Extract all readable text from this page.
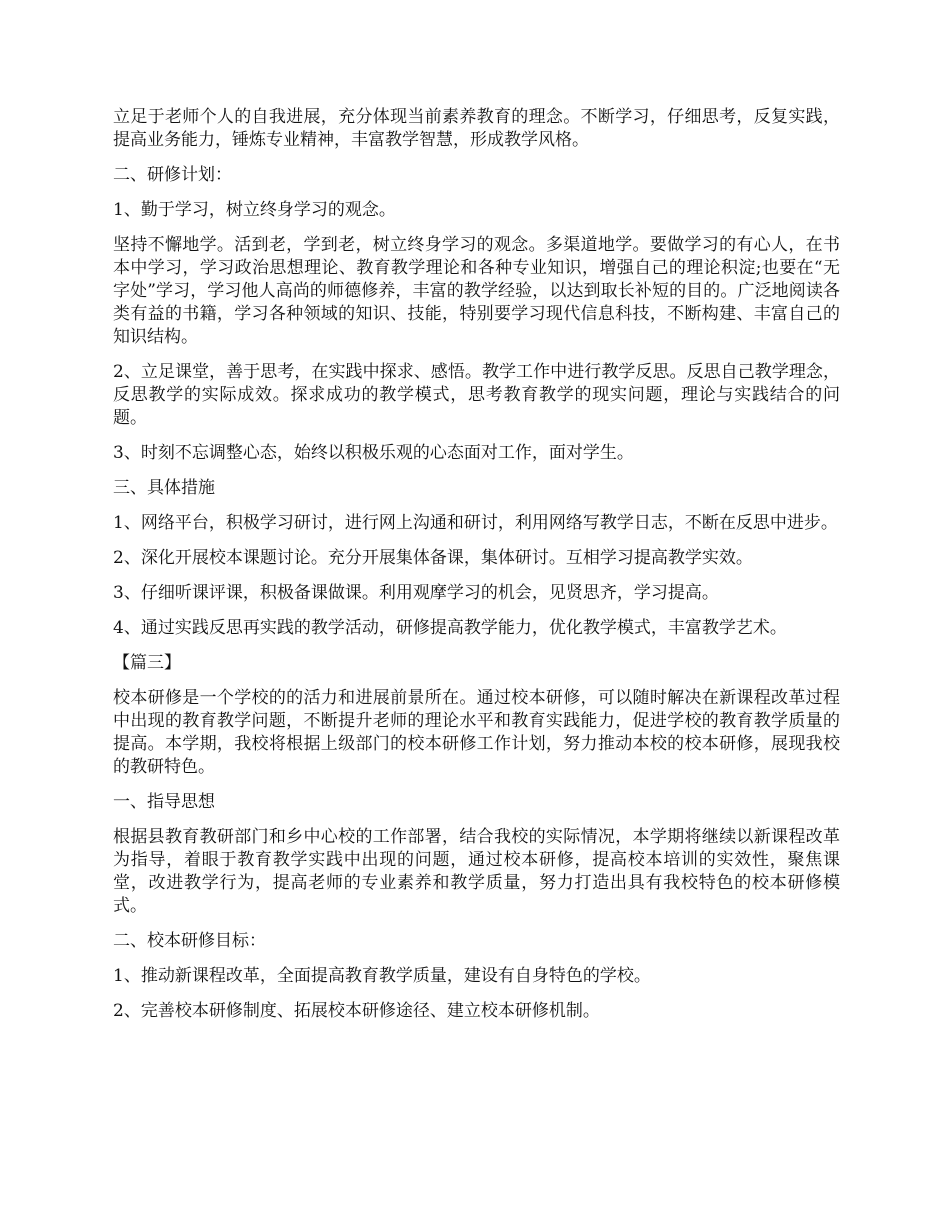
立足于老师个人的自我进展，充分体现当前素养教育的理念。不断学习，仔细思考，反复实践，提高业务能力，锤炼专业精神，丰富教学智慧，形成教学风格。

二、研修计划：

1、勤于学习，树立终身学习的观念。

坚持不懈地学。活到老，学到老，树立终身学习的观念。多渠道地学。要做学习的有心人，在书本中学习，学习政治思想理论、教育教学理论和各种专业知识，增强自己的理论积淀;也要在“无字处”学习，学习他人高尚的师德修养，丰富的教学经验，以达到取长补短的目的。广泛地阅读各类有益的书籍，学习各种领域的知识、技能，特别要学习现代信息科技，不断构建、丰富自己的知识结构。

2、立足课堂，善于思考，在实践中探求、感悟。教学工作中进行教学反思。反思自己教学理念，反思教学的实际成效。探求成功的教学模式，思考教育教学的现实问题，理论与实践结合的问题。

3、时刻不忘调整心态，始终以积极乐观的心态面对工作，面对学生。

三、具体措施

1、网络平台，积极学习研讨，进行网上沟通和研讨，利用网络写教学日志，不断在反思中进步。

2、深化开展校本课题讨论。充分开展集体备课，集体研讨。互相学习提高教学实效。

3、仔细听课评课，积极备课做课。利用观摩学习的机会，见贤思齐，学习提高。

4、通过实践反思再实践的教学活动，研修提高教学能力，优化教学模式，丰富教学艺术。

【篇三】

校本研修是一个学校的的活力和进展前景所在。通过校本研修，可以随时解决在新课程改革过程中出现的教育教学问题，不断提升老师的理论水平和教育实践能力，促进学校的教育教学质量的提高。本学期，我校将根据上级部门的校本研修工作计划，努力推动本校的校本研修，展现我校的教研特色。

一、指导思想

根据县教育教研部门和乡中心校的工作部署，结合我校的实际情况，本学期将继续以新课程改革为指导，着眼于教育教学实践中出现的问题，通过校本研修，提高校本培训的实效性，聚焦课堂，改进教学行为，提高老师的专业素养和教学质量，努力打造出具有我校特色的校本研修模式。

二、校本研修目标：

1、推动新课程改革，全面提高教育教学质量，建设有自身特色的学校。

2、完善校本研修制度、拓展校本研修途径、建立校本研修机制。
